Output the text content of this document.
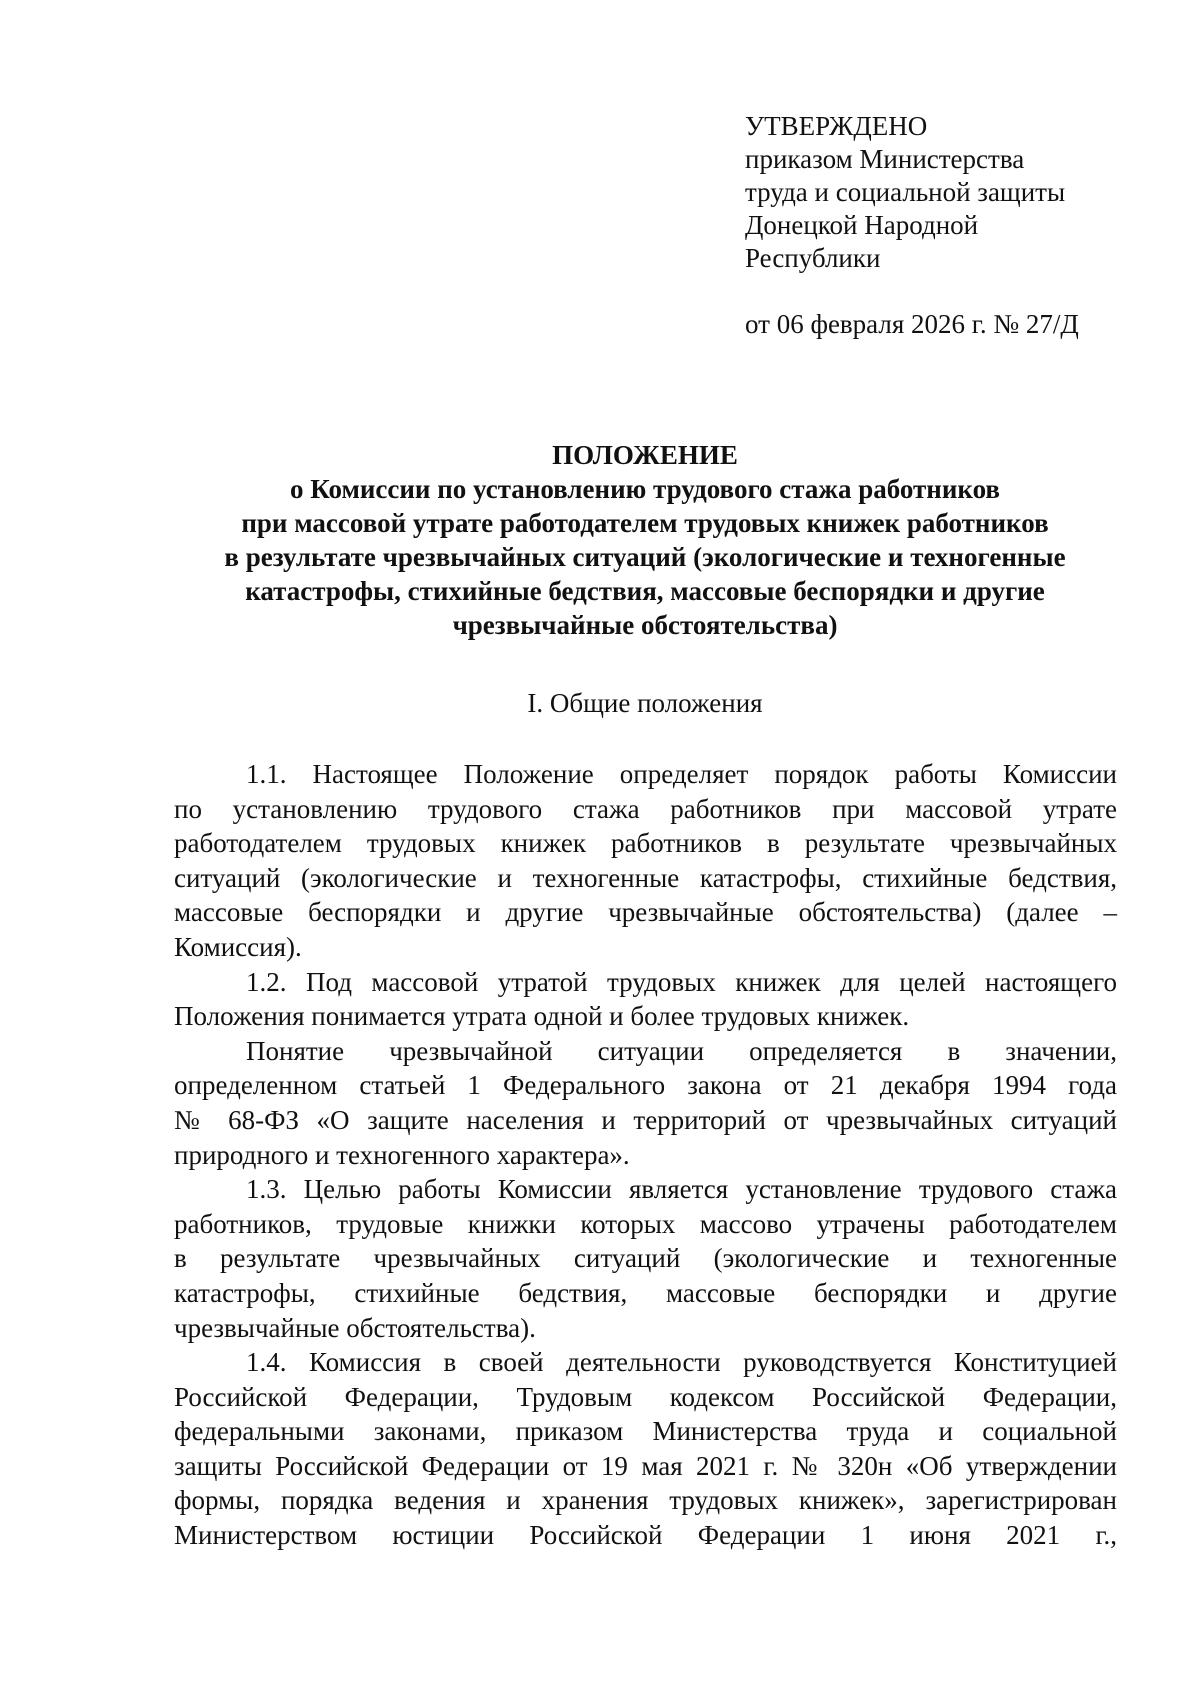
УТВЕРЖДЕНО
приказом Министерства
труда и социальной защиты
Донецкой Народной
Республики
от 06 февраля 2026 г. № 27/Д
ПОЛОЖЕНИЕ
о Комиссии по установлению трудового стажа работников
при массовой утрате работодателем трудовых книжек работников
в результате чрезвычайных ситуаций (экологические и техногенные
катастрофы, стихийные бедствия, массовые беспорядки и другие
чрезвычайные обстоятельства)
I. Общие положения

1.1. Настоящее Положение определяет порядок работы Комиссии
по установлению трудового стажа работников при массовой утрате
работодателем трудовых книжек работников в результате чрезвычайных
ситуаций (экологические и техногенные катастрофы, стихийные бедствия,
массовые беспорядки и другие чрезвычайные обстоятельства) (далее –
Комиссия).

1.2. Под массовой утратой трудовых книжек для целей настоящего
Положения понимается утрата одной и более трудовых книжек.

Понятие чрезвычайной ситуации определяется в значении,
определенном статьей 1 Федерального закона от 21 декабря 1994 года
№ 68-ФЗ «О защите населения и территорий от чрезвычайных ситуаций
природного и техногенного характера».

1.3. Целью работы Комиссии является установление трудового стажа
работников, трудовые книжки которых массово утрачены работодателем
в результате чрезвычайных ситуаций (экологические и техногенные
катастрофы, стихийные бедствия, массовые беспорядки и другие
чрезвычайные обстоятельства).

1.4. Комиссия в своей деятельности руководствуется Конституцией
Российской Федерации, Трудовым кодексом Российской Федерации,
федеральными законами, приказом Министерства труда и социальной
защиты Российской Федерации от 19 мая 2021 г. № 320н «Об утверждении
формы, порядка ведения и хранения трудовых книжек», зарегистрирован
Министерством юстиции Российской Федерации 1 июня 2021 г.,
